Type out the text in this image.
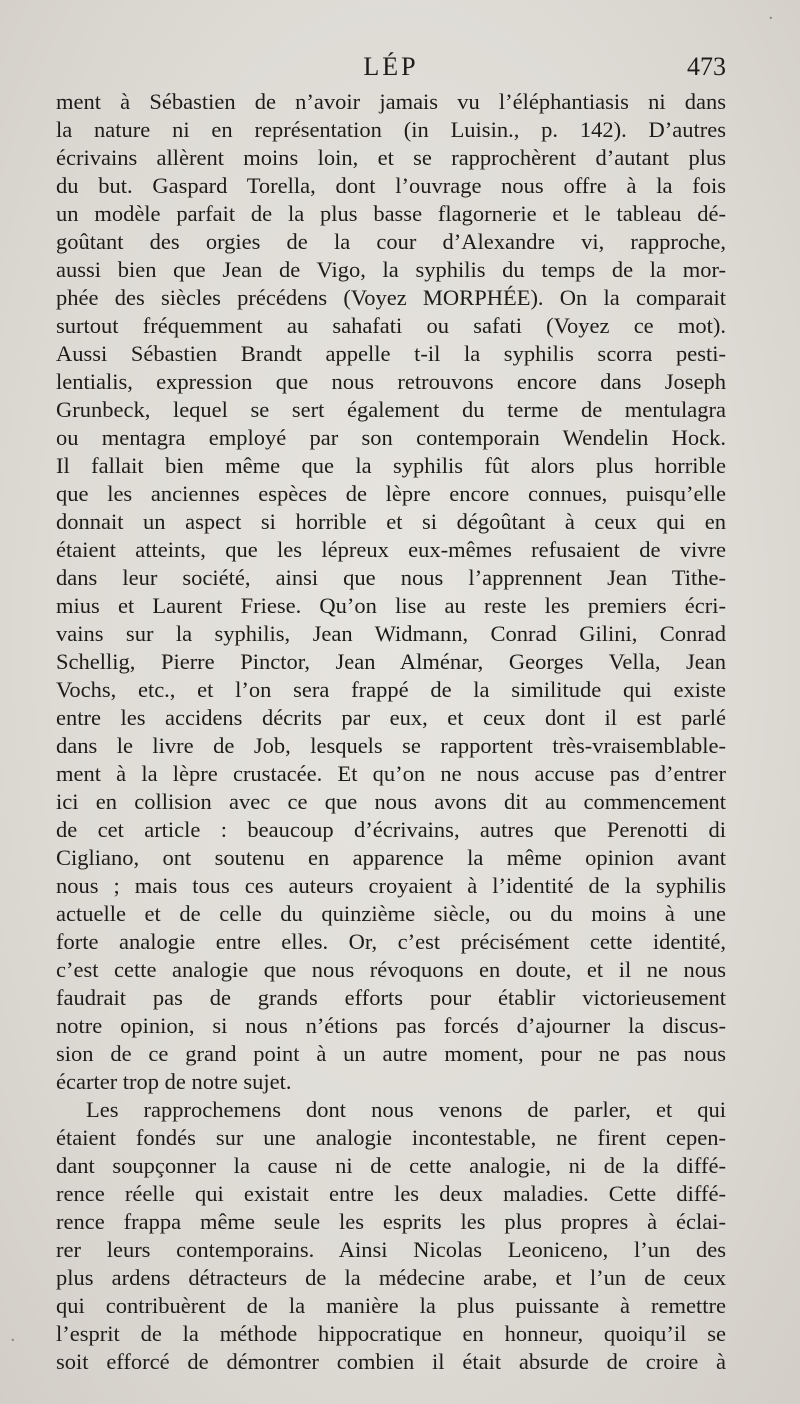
LÉP	473
ment à Sébastien de n’avoir jamais vu l’éléphantiasis ni dans
la nature ni en représentation (in Luisin., p. 142). D’autres
écrivains allèrent moins loin, et se rapprochèrent d’autant plus
du but. Gaspard Torella, dont l’ouvrage nous offre à la fois
un modèle parfait de la plus basse flagornerie et le tableau dé-
goûtant des orgies de la cour d’Alexandre vi, rapproche,
aussi bien que Jean de Vigo, la syphilis du temps de la mor-
phée des siècles précédens (Voyez MORPHÉE). On la comparait
surtout fréquemment au sahafati ou safati (Voyez ce mot).
Aussi Sébastien Brandt appelle t-il la syphilis scorra pesti-
lentialis, expression que nous retrouvons encore dans Joseph
Grunbeck, lequel se sert également du terme de mentulagra
ou mentagra employé par son contemporain Wendelin Hock.
Il fallait bien même que la syphilis fût alors plus horrible
que les anciennes espèces de lèpre encore connues, puisqu’elle
donnait un aspect si horrible et si dégoûtant à ceux qui en
étaient atteints, que les lépreux eux-mêmes refusaient de vivre
dans leur société, ainsi que nous l’apprennent Jean Tithe-
mius et Laurent Friese. Qu’on lise au reste les premiers écri-
vains sur la syphilis, Jean Widmann, Conrad Gilini, Conrad
Schellig, Pierre Pinctor, Jean Alménar, Georges Vella, Jean
Vochs, etc., et l’on sera frappé de la similitude qui existe
entre les accidens décrits par eux, et ceux dont il est parlé
dans le livre de Job, lesquels se rapportent très-vraisemblable-
ment à la lèpre crustacée. Et qu’on ne nous accuse pas d’entrer
ici en collision avec ce que nous avons dit au commencement
de cet article : beaucoup d’écrivains, autres que Perenotti di
Cigliano, ont soutenu en apparence la même opinion avant
nous ; mais tous ces auteurs croyaient à l’identité de la syphilis
actuelle et de celle du quinzième siècle, ou du moins à une
forte analogie entre elles. Or, c’est précisément cette identité,
c’est cette analogie que nous révoquons en doute, et il ne nous
faudrait pas de grands efforts pour établir victorieusement
notre opinion, si nous n’étions pas forcés d’ajourner la discus-
sion de ce grand point à un autre moment, pour ne pas nous
écarter trop de notre sujet.
Les rapprochemens dont nous venons de parler, et qui
étaient fondés sur une analogie incontestable, ne firent cepen-
dant soupçonner la cause ni de cette analogie, ni de la diffé-
rence réelle qui existait entre les deux maladies. Cette diffé-
rence frappa même seule les esprits les plus propres à éclai-
rer leurs contemporains. Ainsi Nicolas Leoniceno, l’un des
plus ardens détracteurs de la médecine arabe, et l’un de ceux
qui contribuèrent de la manière la plus puissante à remettre
l’esprit de la méthode hippocratique en honneur, quoiqu’il se
soit efforcé de démontrer combien il était absurde de croire à
·
·
